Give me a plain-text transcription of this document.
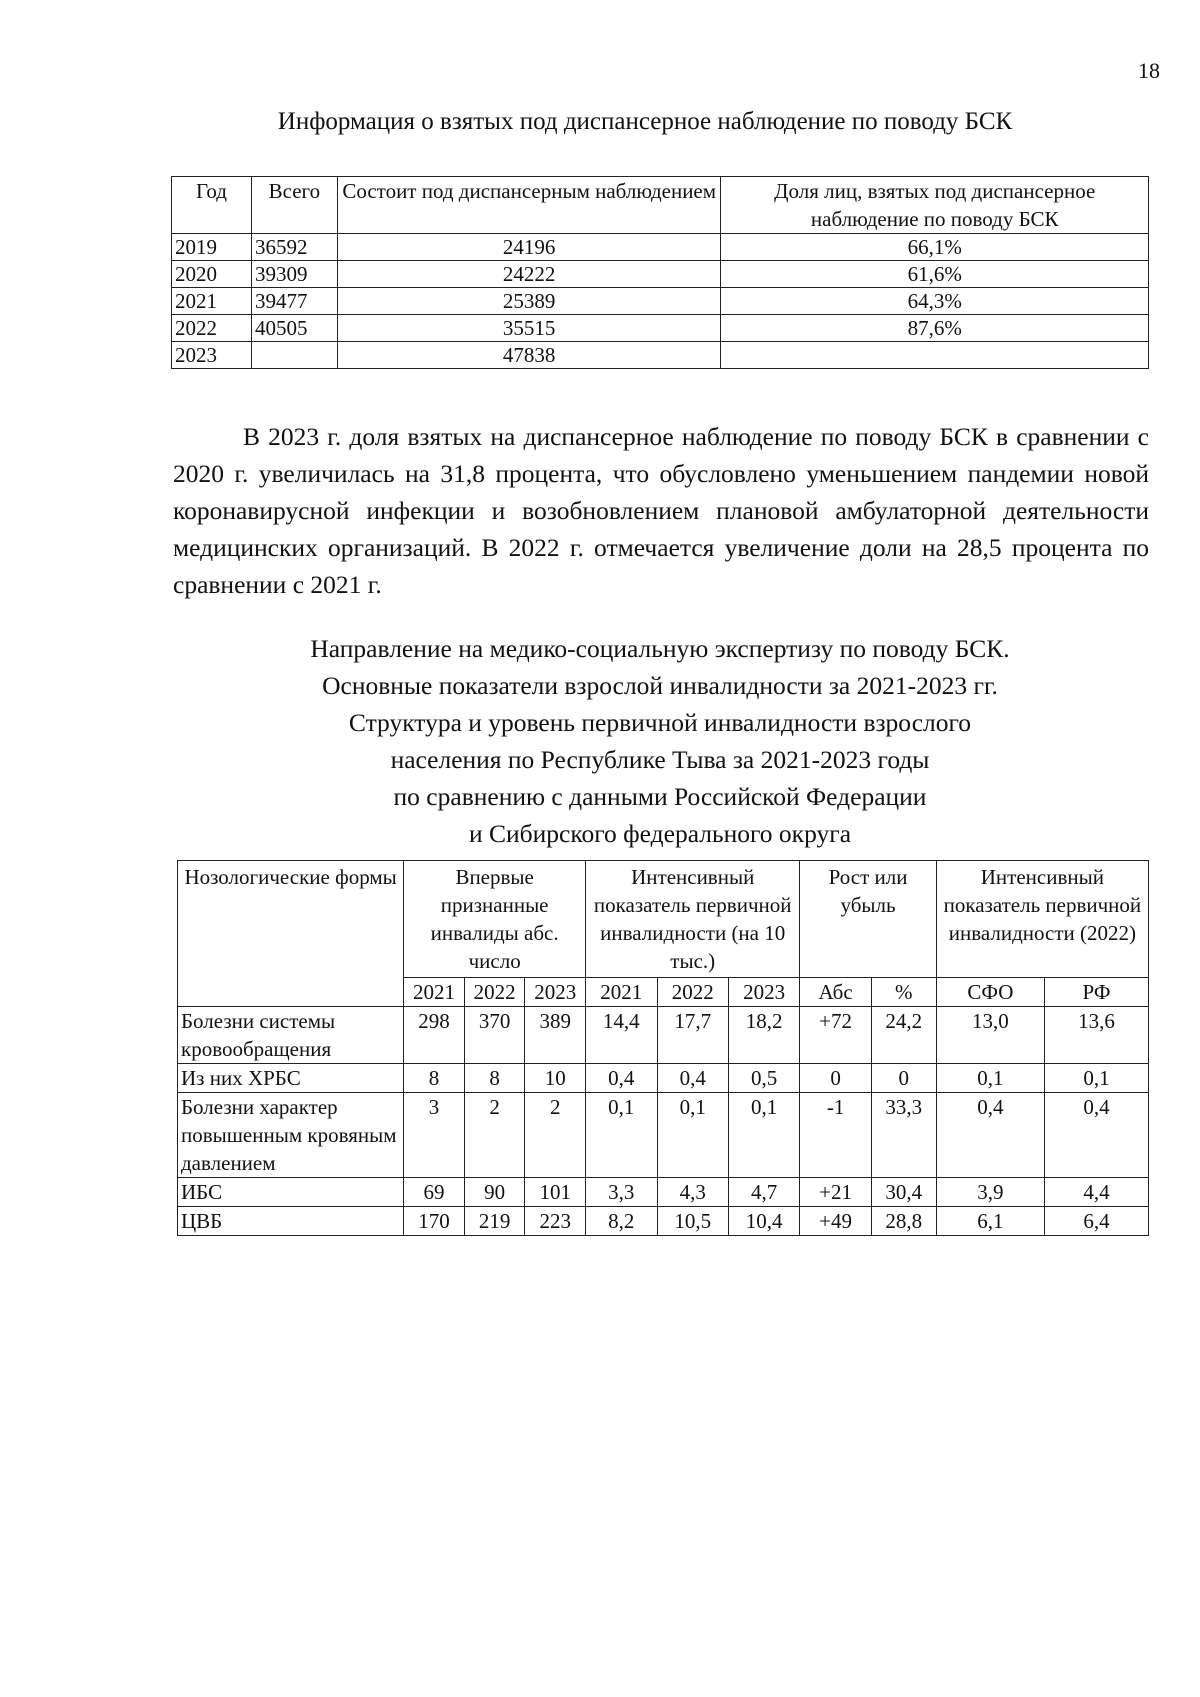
18
Информация о взятых под диспансерное наблюдение по поводу БСК
Год	Всего	Состоит под диспансерным наблюдением	Доля лиц, взятых под диспансерное наблюдение по поводу БСК
2019	36592	24196	66,1%
2020	39309	24222	61,6%
2021	39477	25389	64,3%
2022	40505	35515	87,6%
2023		47838	

В 2023 г. доля взятых на диспансерное наблюдение по поводу БСК в сравнении с 2020 г. увеличилась на 31,8 процента, что обусловлено уменьшением пандемии новой коронавирусной инфекции и возобновлением плановой амбулаторной деятельности медицинских организаций. В 2022 г. отмечается увеличение доли на 28,5 процента по сравнении с 2021 г.

Направление на медико-социальную экспертизу по поводу БСК.
Основные показатели взрослой инвалидности за 2021-2023 гг.
Структура и уровень первичной инвалидности взрослого
населения по Республике Тыва за 2021-2023 годы
по сравнению с данными Российской Федерации
и Сибирского федерального округа
Нозологические формы	Впервые признанные инвалиды абс. число			Интенсивный показатель первичной инвалидности (на 10 тыс.)			Рост или убыль		Интенсивный показатель первичной инвалидности (2022)	
	2021	2022	2023	2021	2022	2023	Абс	%	СФО	РФ
Болезни системы кровообращения	298	370	389	14,4	17,7	18,2	+72	24,2	13,0	13,6
Из них ХРБС	8	8	10	0,4	0,4	0,5	0	0	0,1	0,1
Болезни характер повышенным кровяным давлением	3	2	2	0,1	0,1	0,1	-1	33,3	0,4	0,4
ИБС	69	90	101	3,3	4,3	4,7	+21	30,4	3,9	4,4
ЦВБ	170	219	223	8,2	10,5	10,4	+49	28,8	6,1	6,4
